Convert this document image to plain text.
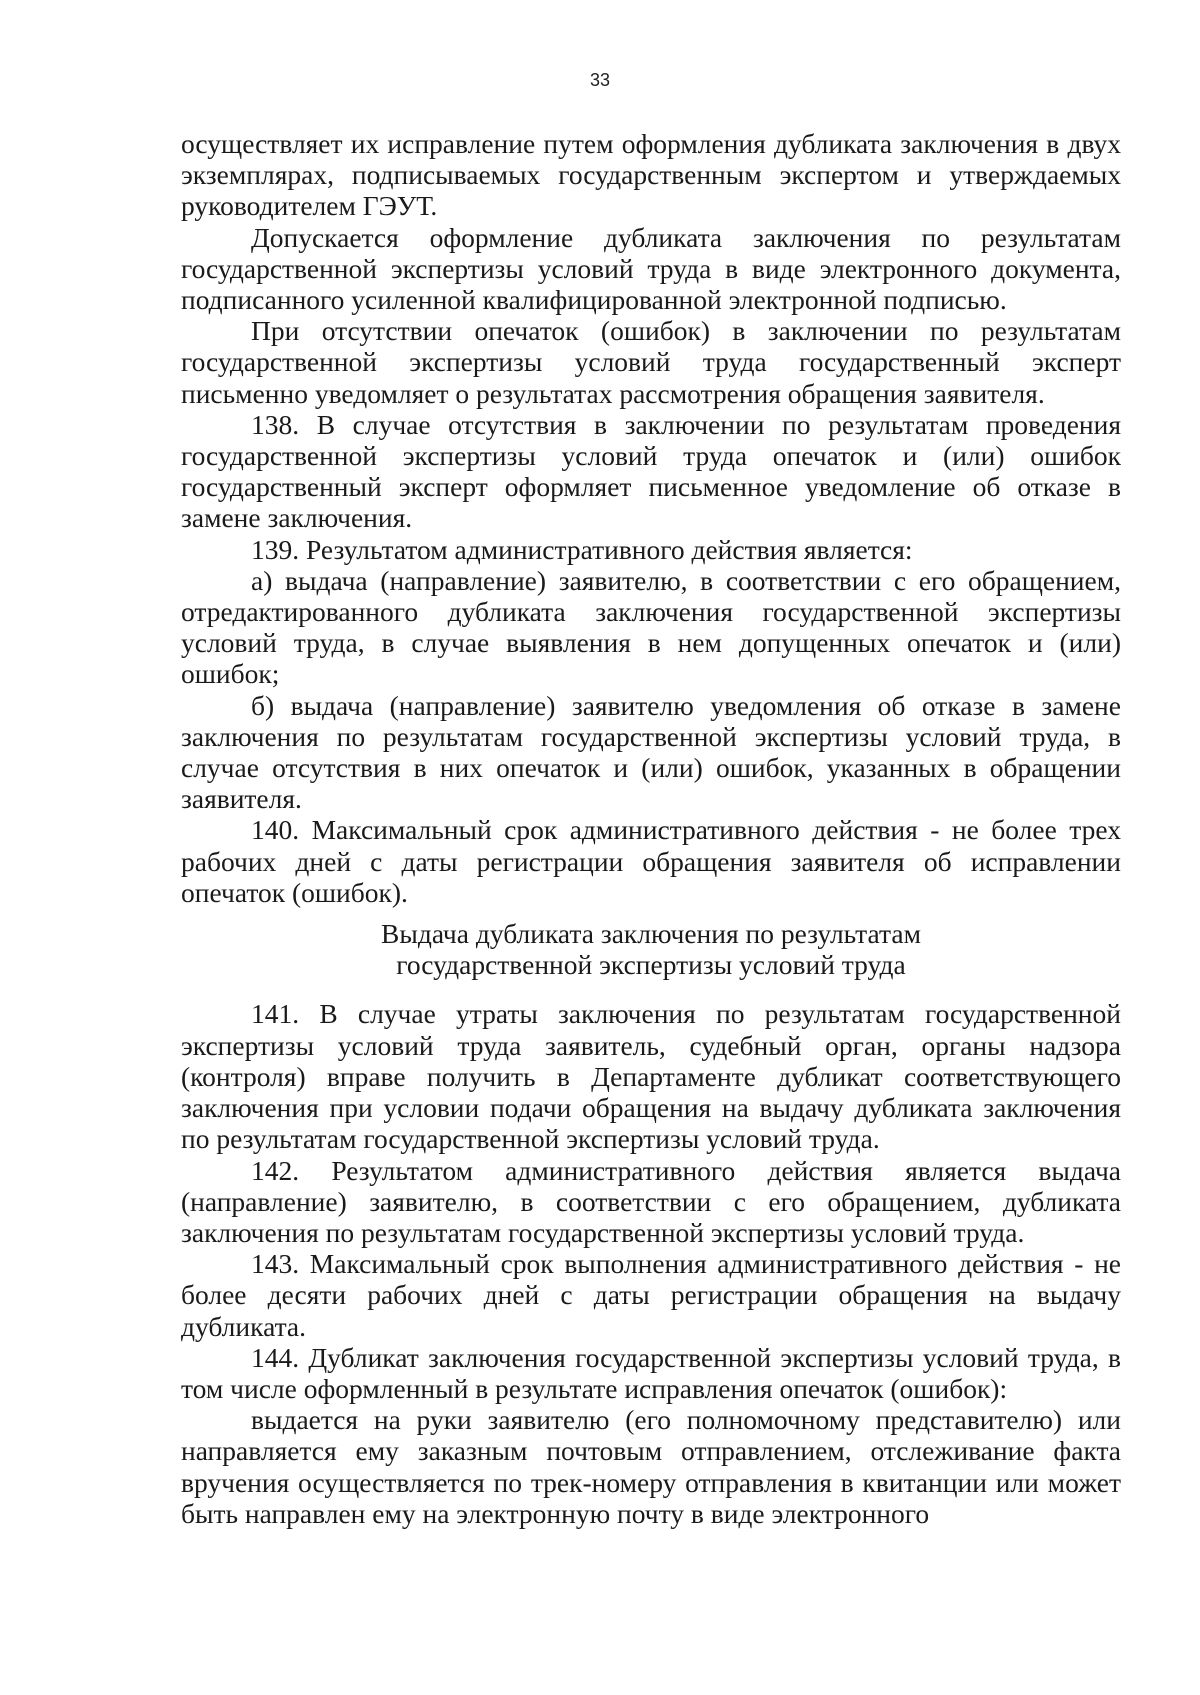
33

осуществляет их исправление путем оформления дубликата заключения в двух экземплярах, подписываемых государственным экспертом и утверждаемых руководителем ГЭУТ.

Допускается оформление дубликата заключения по результатам государственной экспертизы условий труда в виде электронного документа, подписанного усиленной квалифицированной электронной подписью.

При отсутствии опечаток (ошибок) в заключении по результатам государственной экспертизы условий труда государственный эксперт письменно уведомляет о результатах рассмотрения обращения заявителя.

138. В случае отсутствия в заключении по результатам проведения государственной экспертизы условий труда опечаток и (или) ошибок государственный эксперт оформляет письменное уведомление об отказе в замене заключения.

139. Результатом административного действия является:

а) выдача (направление) заявителю, в соответствии с его обращением, отредактированного дубликата заключения государственной экспертизы условий труда, в случае выявления в нем допущенных опечаток и (или) ошибок;

б) выдача (направление) заявителю уведомления об отказе в замене заключения по результатам государственной экспертизы условий труда, в случае отсутствия в них опечаток и (или) ошибок, указанных в обращении заявителя.

140. Максимальный срок административного действия - не более трех рабочих дней с даты регистрации обращения заявителя об исправлении опечаток (ошибок).

Выдача дубликата заключения по результатам
государственной экспертизы условий труда

141. В случае утраты заключения по результатам государственной экспертизы условий труда заявитель, судебный орган, органы надзора (контроля) вправе получить в Департаменте дубликат соответствующего заключения при условии подачи обращения на выдачу дубликата заключения по результатам государственной экспертизы условий труда.

142. Результатом административного действия является выдача (направление) заявителю, в соответствии с его обращением, дубликата заключения по результатам государственной экспертизы условий труда.

143. Максимальный срок выполнения административного действия - не более десяти рабочих дней с даты регистрации обращения на выдачу дубликата.

144. Дубликат заключения государственной экспертизы условий труда, в том числе оформленный в результате исправления опечаток (ошибок):

выдается на руки заявителю (его полномочному представителю) или направляется ему заказным почтовым отправлением, отслеживание факта вручения осуществляется по трек-номеру отправления в квитанции или может быть направлен ему на электронную почту в виде электронного
